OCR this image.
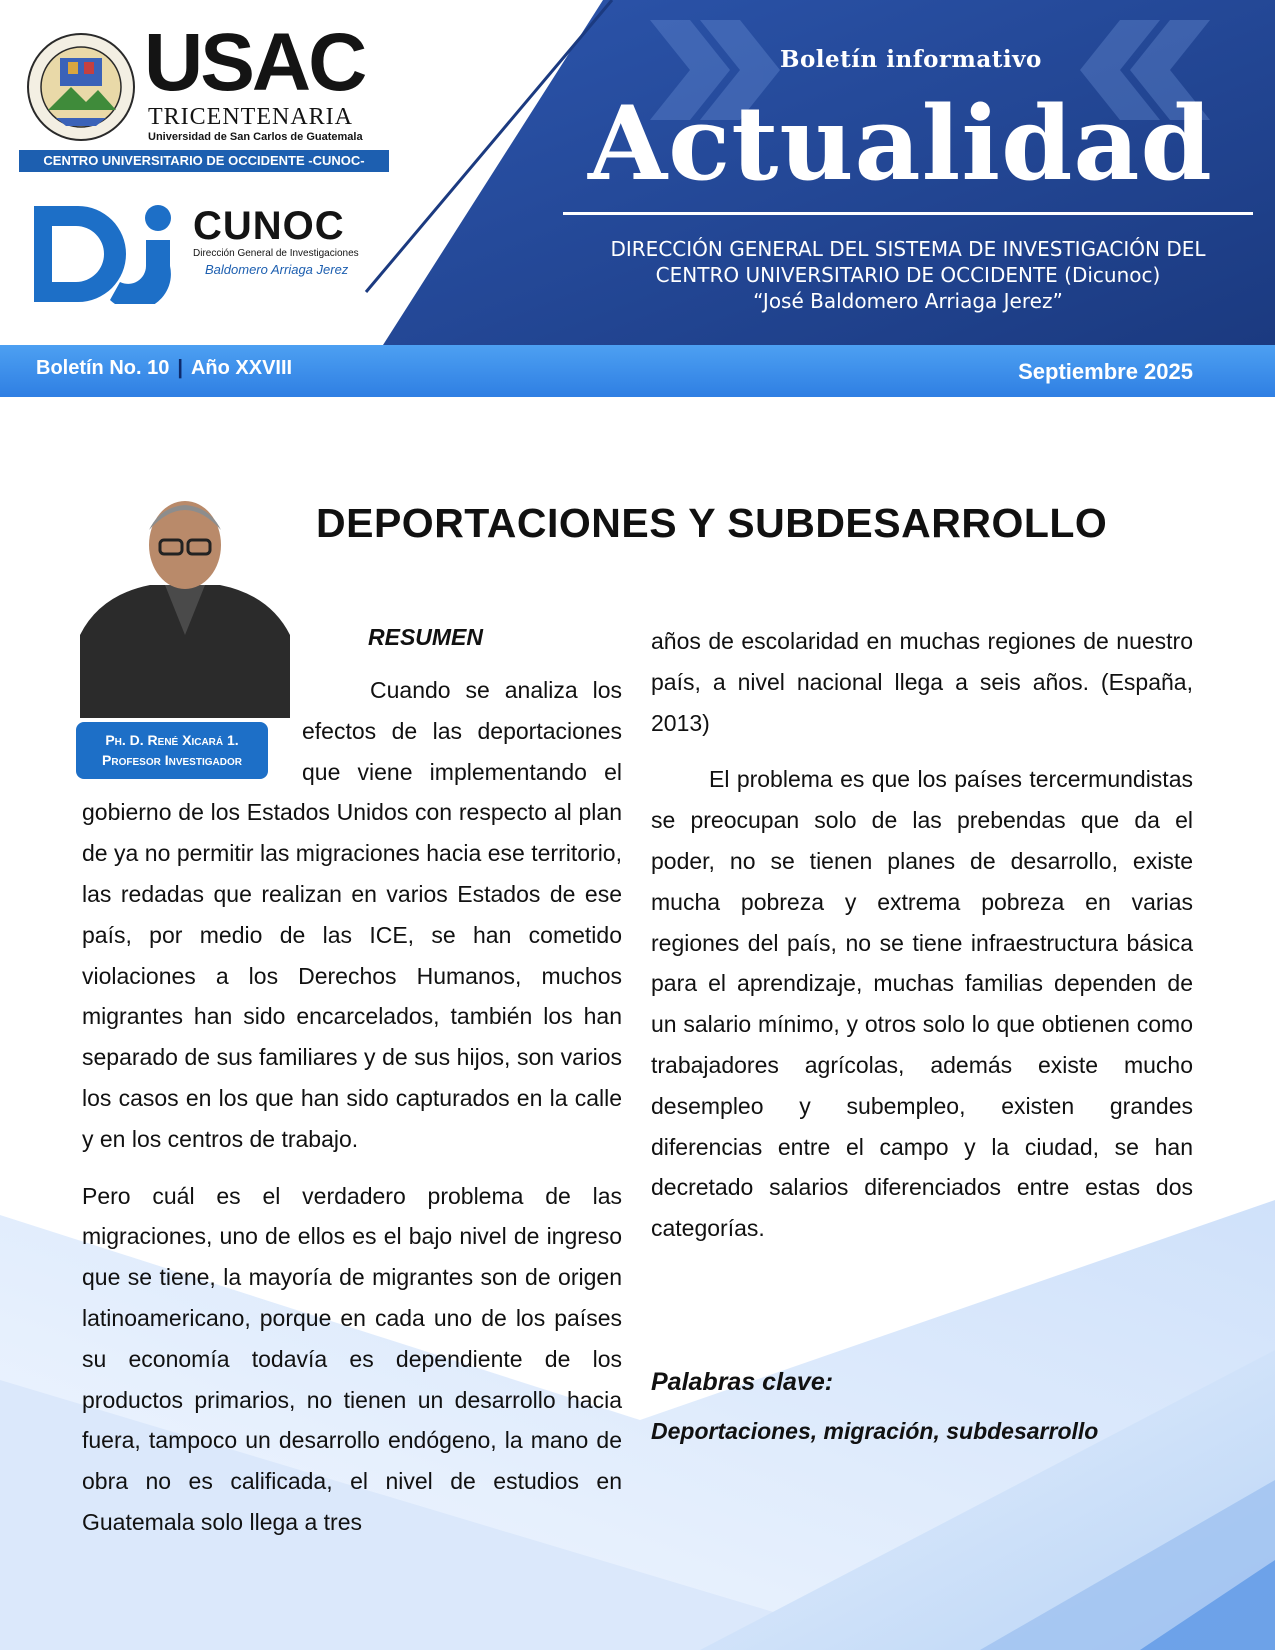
USAC
TRICENTENARIA
Universidad de San Carlos de Guatemala
CENTRO UNIVERSITARIO DE OCCIDENTE -CUNOC-
CUNOC
Dirección General de Investigaciones
Baldomero Arriaga Jerez
Boletín informativo
Actualidad
DIRECCIÓN GENERAL DEL SISTEMA DE INVESTIGACIÓN DEL
CENTRO UNIVERSITARIO DE OCCIDENTE (Dicunoc)
“José Baldomero Arriaga Jerez”
Boletín No. 10 | Año XXVIII	Septiembre 2025
Ph. D. René Xicará 1.
Profesor Investigador
DEPORTACIONES Y SUBDESARROLLO
RESUMEN

Cuando se analiza los efectos de las deportaciones que viene implementando el gobierno de los Estados Unidos con respecto al plan de ya no permitir las migraciones hacia ese territorio, las redadas que realizan en varios Estados de ese país, por medio de las ICE, se han cometido violaciones a los Derechos Humanos, muchos migrantes han sido encarcelados, también los han separado de sus familiares y de sus hijos, son varios los casos en los que han sido capturados en la calle y en los centros de trabajo.

Pero cuál es el verdadero problema de las migraciones, uno de ellos es el bajo nivel de ingreso que se tiene, la mayoría de migrantes son de origen latinoamericano, porque en cada uno de los países su economía todavía es dependiente de los productos primarios, no tienen un desarrollo hacia fuera, tampoco un desarrollo endógeno, la mano de obra no es calificada, el nivel de estudios en Guatemala solo llega a tres

años de escolaridad en muchas regiones de nuestro país, a nivel nacional llega a seis años. (España, 2013)

El problema es que los países tercermundistas se preocupan solo de las prebendas que da el poder, no se tienen planes de desarrollo, existe mucha pobreza y extrema pobreza en varias regiones del país, no se tiene infraestructura básica para el aprendizaje, muchas familias dependen de un salario mínimo, y otros solo lo que obtienen como trabajadores agrícolas, además existe mucho desempleo y subempleo, existen grandes diferencias entre el campo y la ciudad, se han decretado salarios diferenciados entre estas dos categorías.

Palabras clave:
Deportaciones, migración, subdesarrollo
